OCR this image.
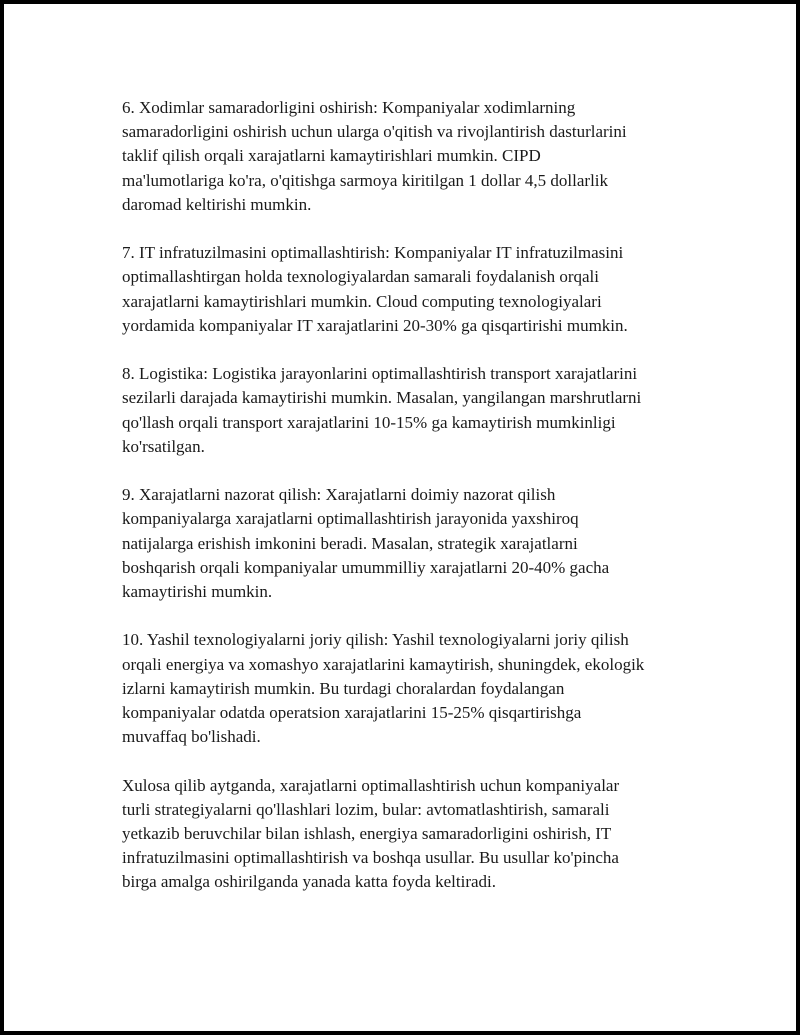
6. Xodimlar samaradorligini oshirish: Kompaniyalar xodimlarning
samaradorligini oshirish uchun ularga o'qitish va rivojlantirish dasturlarini
taklif qilish orqali xarajatlarni kamaytirishlari mumkin. CIPD
ma'lumotlariga ko'ra, o'qitishga sarmoya kiritilgan 1 dollar 4,5 dollarlik
daromad keltirishi mumkin.

7. IT infratuzilmasini optimallashtirish: Kompaniyalar IT infratuzilmasini
optimallashtirgan holda texnologiyalardan samarali foydalanish orqali
xarajatlarni kamaytirishlari mumkin. Cloud computing texnologiyalari
yordamida kompaniyalar IT xarajatlarini 20-30% ga qisqartirishi mumkin.

8. Logistika: Logistika jarayonlarini optimallashtirish transport xarajatlarini
sezilarli darajada kamaytirishi mumkin. Masalan, yangilangan marshrutlarni
qo'llash orqali transport xarajatlarini 10-15% ga kamaytirish mumkinligi
ko'rsatilgan.

9. Xarajatlarni nazorat qilish: Xarajatlarni doimiy nazorat qilish
kompaniyalarga xarajatlarni optimallashtirish jarayonida yaxshiroq
natijalarga erishish imkonini beradi. Masalan, strategik xarajatlarni
boshqarish orqali kompaniyalar umummilliy xarajatlarni 20-40% gacha
kamaytirishi mumkin.

10. Yashil texnologiyalarni joriy qilish: Yashil texnologiyalarni joriy qilish
orqali energiya va xomashyo xarajatlarini kamaytirish, shuningdek, ekologik
izlarni kamaytirish mumkin. Bu turdagi choralardan foydalangan
kompaniyalar odatda operatsion xarajatlarini 15-25% qisqartirishga
muvaffaq bo'lishadi.

Xulosa qilib aytganda, xarajatlarni optimallashtirish uchun kompaniyalar
turli strategiyalarni qo'llashlari lozim, bular: avtomatlashtirish, samarali
yetkazib beruvchilar bilan ishlash, energiya samaradorligini oshirish, IT
infratuzilmasini optimallashtirish va boshqa usullar. Bu usullar ko'pincha
birga amalga oshirilganda yanada katta foyda keltiradi.
